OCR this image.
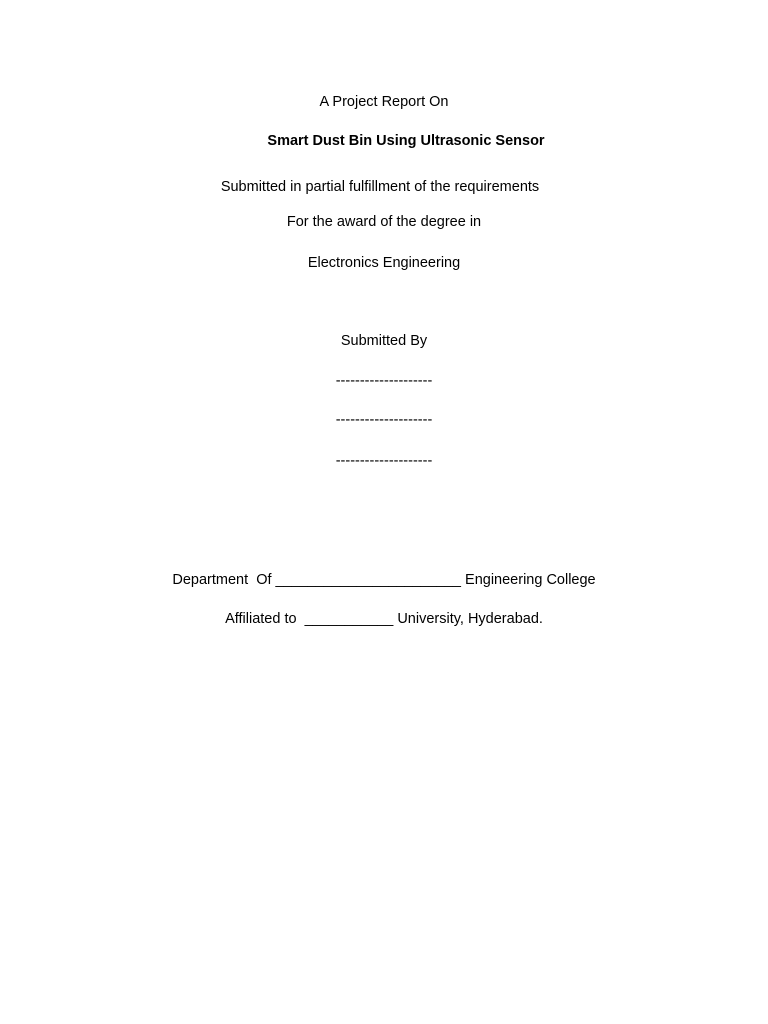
A Project Report On
Smart Dust Bin Using Ultrasonic Sensor
Submitted in partial fulfillment of the requirements
For the award of the degree in
Electronics Engineering
Submitted By
--------------------
--------------------
--------------------
Department  Of _______________________ Engineering College
Affiliated to  ___________ University, Hyderabad.
